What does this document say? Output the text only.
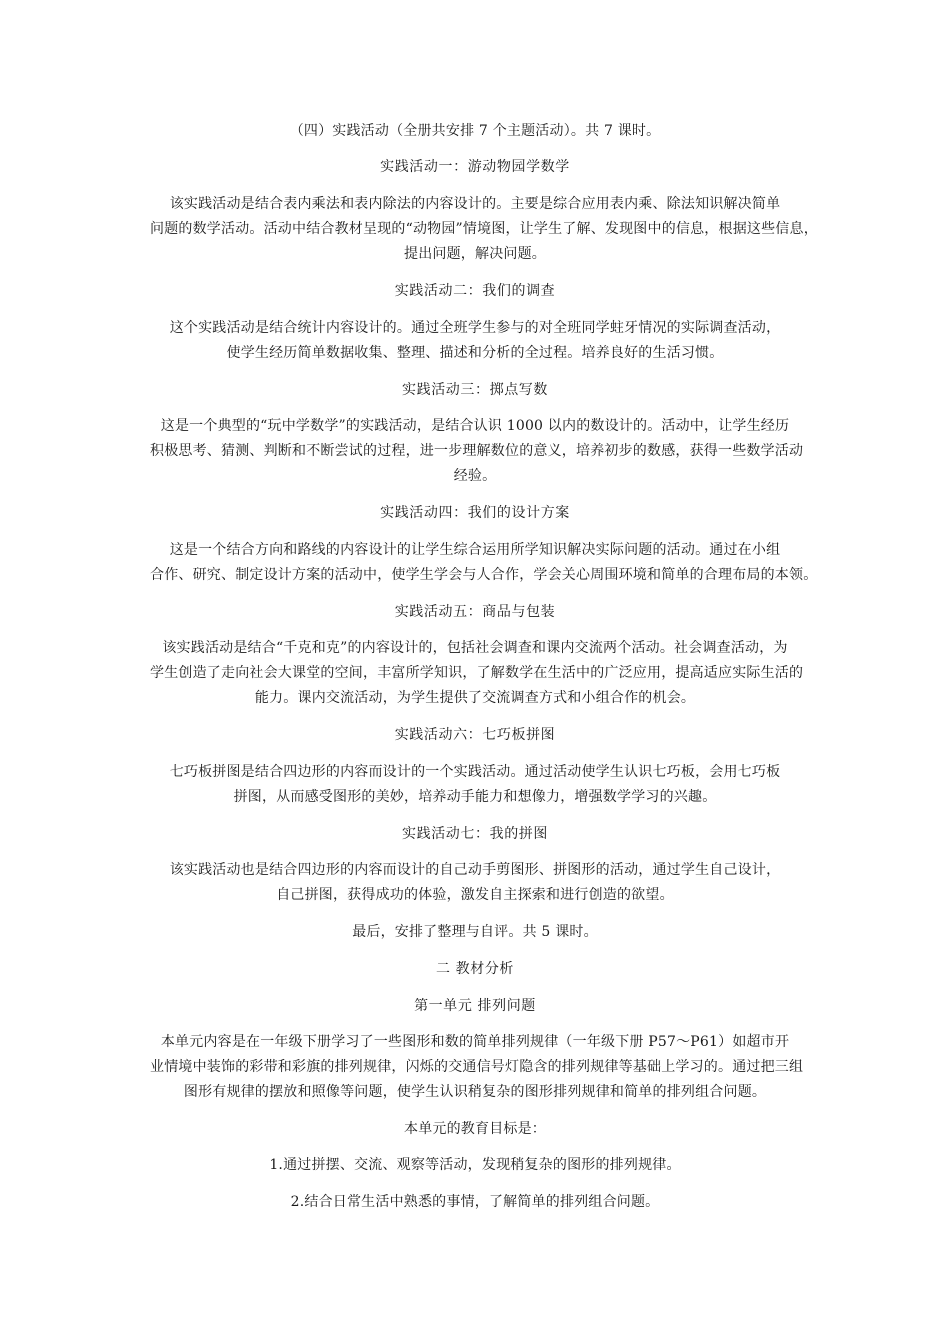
（四）实践活动（全册共安排 7 个主题活动）。共 7 课时。
实践活动一：游动物园学数学
该实践活动是结合表内乘法和表内除法的内容设计的。主要是综合应用表内乘、除法知识解决简单
问题的数学活动。活动中结合教材呈现的“动物园”情境图，让学生了解、发现图中的信息，根据这些信息，
提出问题，解决问题。
实践活动二：我们的调查
这个实践活动是结合统计内容设计的。通过全班学生参与的对全班同学蛀牙情况的实际调查活动，
使学生经历简单数据收集、整理、描述和分析的全过程。培养良好的生活习惯。
实践活动三：掷点写数
这是一个典型的“玩中学数学”的实践活动，是结合认识 1000 以内的数设计的。活动中，让学生经历
积极思考、猜测、判断和不断尝试的过程，进一步理解数位的意义，培养初步的数感，获得一些数学活动
经验。
实践活动四：我们的设计方案
这是一个结合方向和路线的内容设计的让学生综合运用所学知识解决实际问题的活动。通过在小组
合作、研究、制定设计方案的活动中，使学生学会与人合作，学会关心周围环境和简单的合理布局的本领。
实践活动五：商品与包装
该实践活动是结合“千克和克”的内容设计的，包括社会调查和课内交流两个活动。社会调查活动，为
学生创造了走向社会大课堂的空间，丰富所学知识，了解数学在生活中的广泛应用，提高适应实际生活的
能力。课内交流活动，为学生提供了交流调查方式和小组合作的机会。
实践活动六：七巧板拼图
七巧板拼图是结合四边形的内容而设计的一个实践活动。通过活动使学生认识七巧板，会用七巧板
拼图，从而感受图形的美妙，培养动手能力和想像力，增强数学学习的兴趣。
实践活动七：我的拼图
该实践活动也是结合四边形的内容而设计的自己动手剪图形、拼图形的活动，通过学生自己设计，
自己拼图，获得成功的体验，激发自主探索和进行创造的欲望。
最后，安排了整理与自评。共 5 课时。
二 教材分析
第一单元 排列问题
本单元内容是在一年级下册学习了一些图形和数的简单排列规律（一年级下册 P57～P61）如超市开
业情境中装饰的彩带和彩旗的排列规律，闪烁的交通信号灯隐含的排列规律等基础上学习的。通过把三组
图形有规律的摆放和照像等问题，使学生认识稍复杂的图形排列规律和简单的排列组合问题。
本单元的教育目标是：
1.通过拼摆、交流、观察等活动，发现稍复杂的图形的排列规律。
2.结合日常生活中熟悉的事情，了解简单的排列组合问题。
